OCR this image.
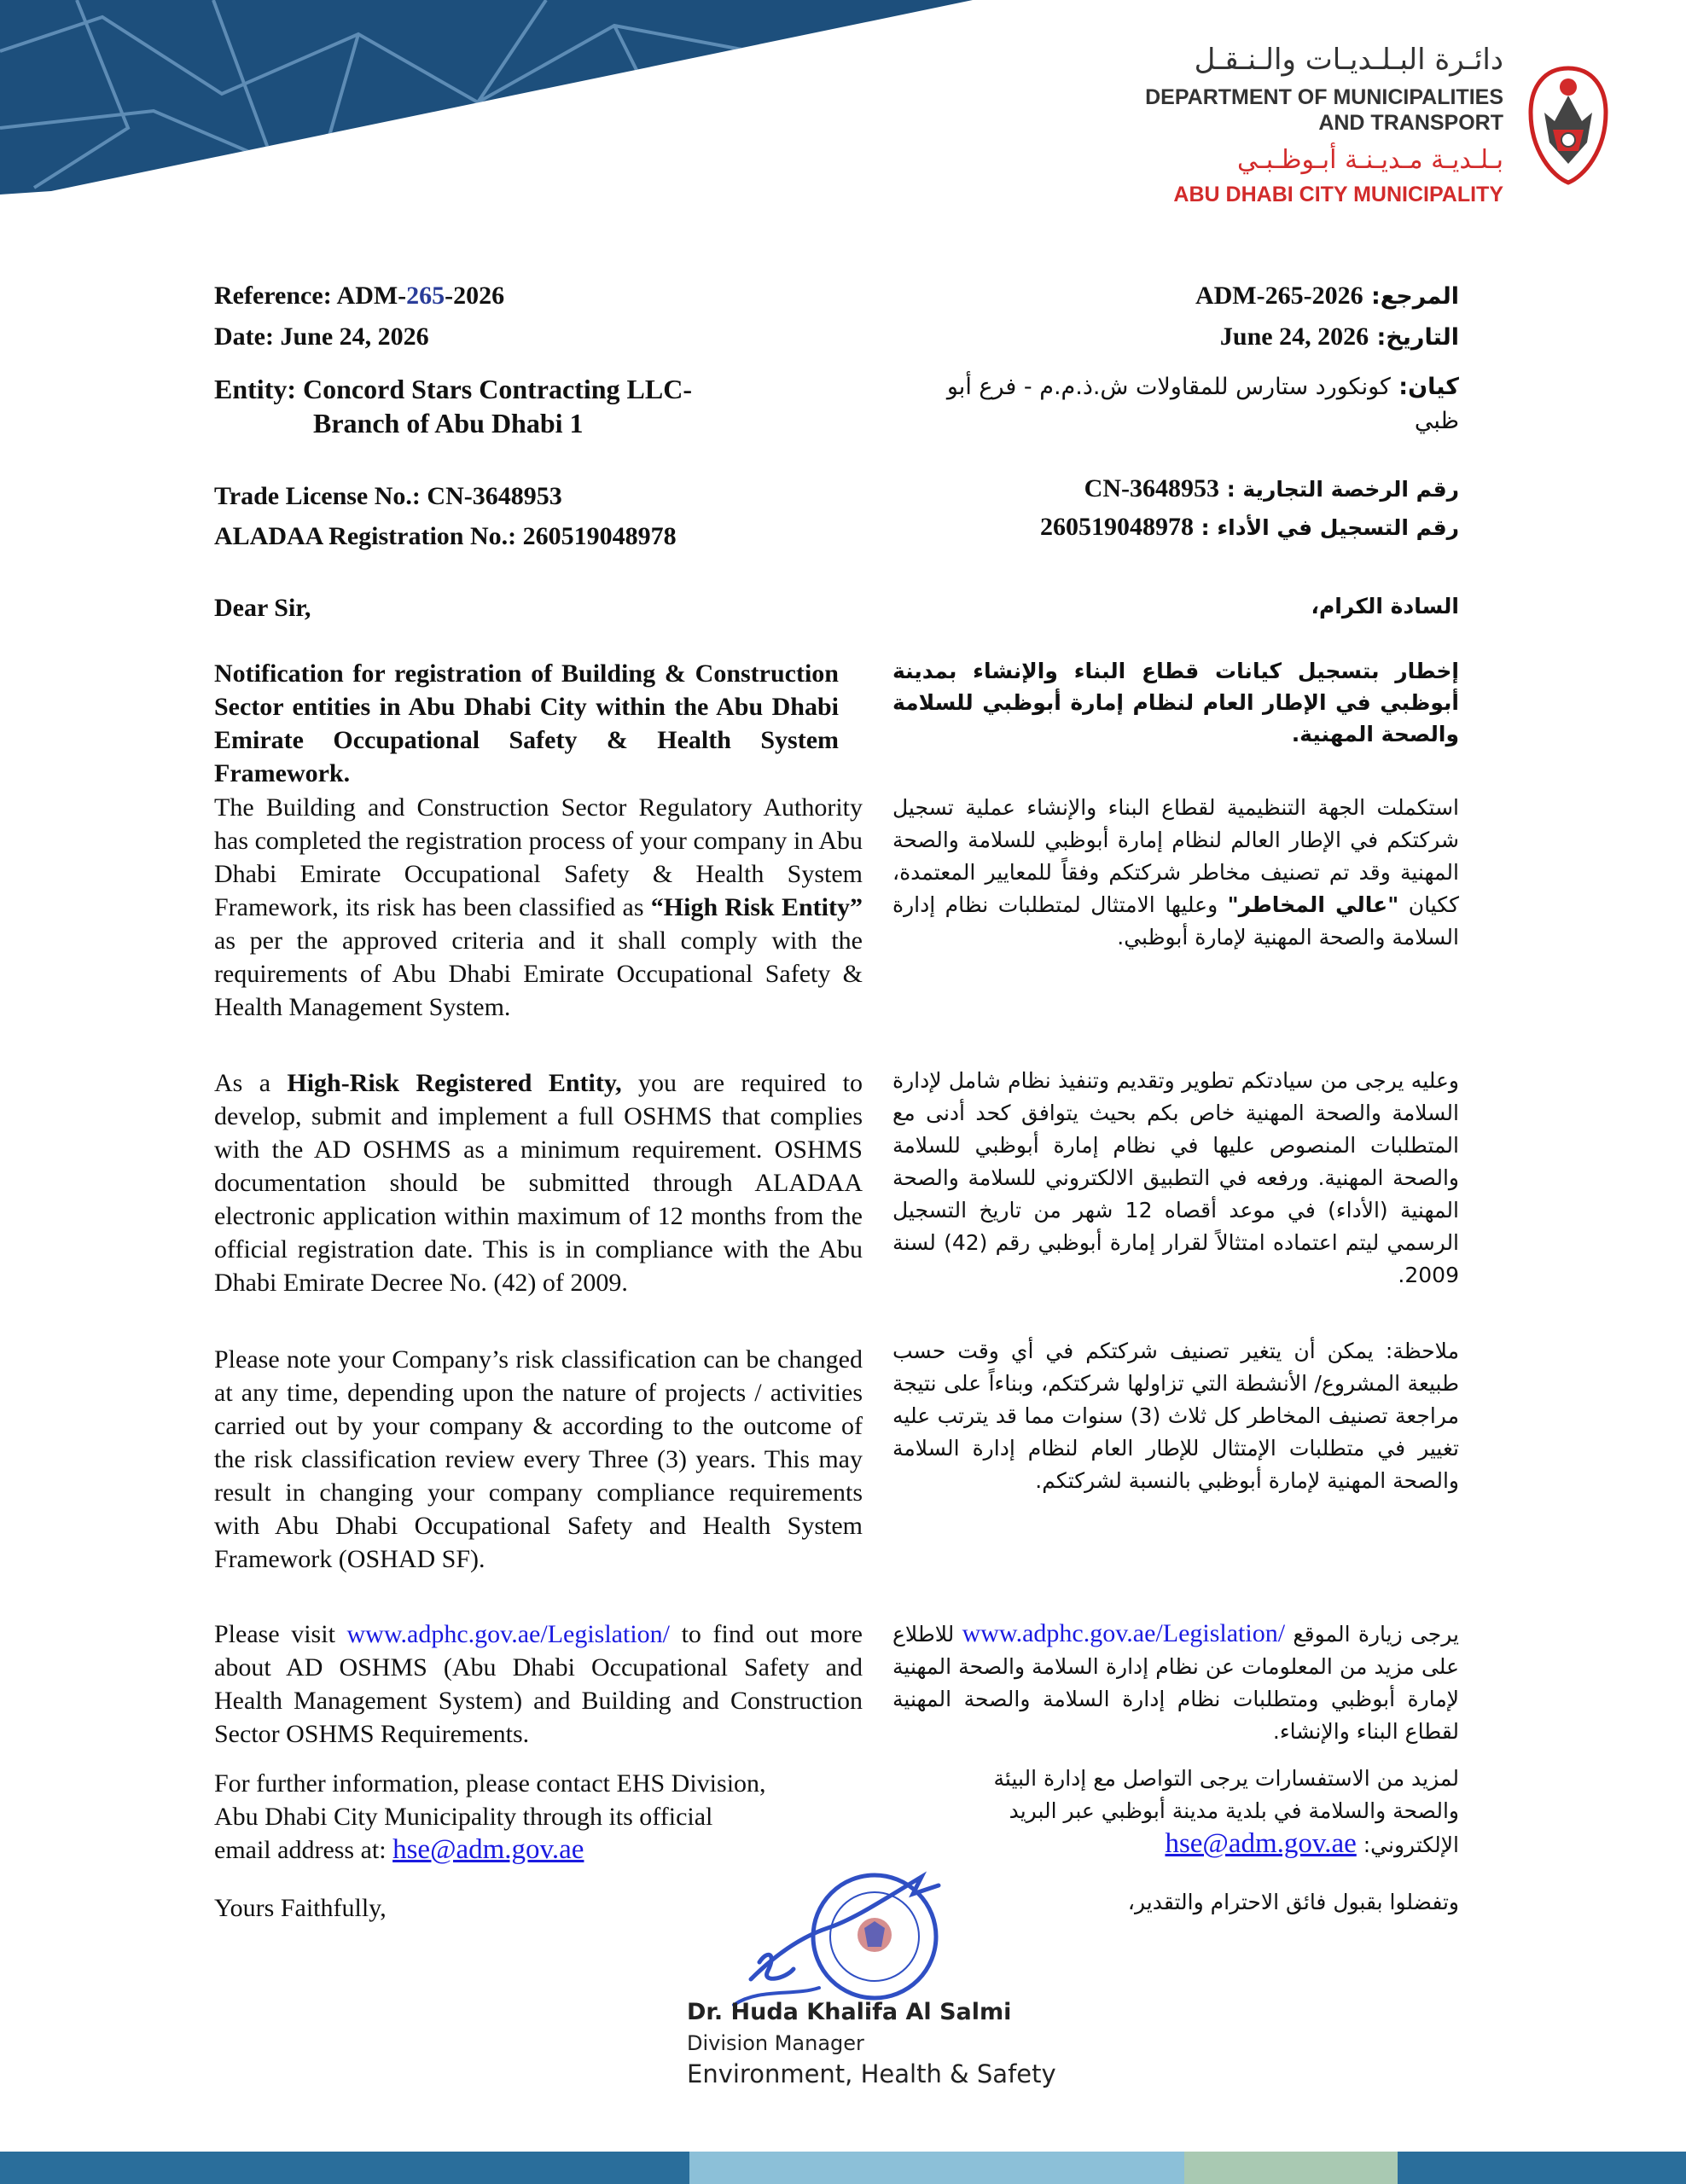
دائـرة البـلـديـات والـنـقـل
DEPARTMENT OF MUNICIPALITIES
AND TRANSPORT
بـلـديـة مـديـنـة أبـوظـبـي
ABU DHABI CITY MUNICIPALITY
Reference: ADM-265-2026
Date: June 24, 2026
Entity: Concord Stars Contracting LLC-
Branch of Abu Dhabi 1
Trade License No.: CN-3648953
ALADAA Registration No.: 260519048978
المرجع: ADM-265-2026
التاريخ: June 24, 2026
كيان: كونكورد ستارس للمقاولات ش.ذ.م.م - فرع أبو ظبي
رقم الرخصة التجارية : CN-3648953
رقم التسجيل في الأداء : 260519048978
Dear Sir,	السادة الكرام،

Notification for registration of Building & Construction Sector entities in Abu Dhabi City within the Abu Dhabi Emirate Occupational Safety & Health System Framework.

إخطار بتسجيل كيانات قطاع البناء والإنشاء بمدينة أبوظبي في الإطار العام لنظام إمارة أبوظبي للسلامة والصحة المهنية.

The Building and Construction Sector Regulatory Authority has completed the registration process of your company in Abu Dhabi Emirate Occupational Safety & Health System Framework, its risk has been classified as “High Risk Entity” as per the approved criteria and it shall comply with the requirements of Abu Dhabi Emirate Occupational Safety & Health Management System.

استكملت الجهة التنظيمية لقطاع البناء والإنشاء عملية تسجيل شركتكم في الإطار العالم لنظام إمارة أبوظبي للسلامة والصحة المهنية وقد تم تصنيف مخاطر شركتكم وفقاً للمعايير المعتمدة، ككيان "عالي المخاطر" وعليها الامتثال لمتطلبات نظام إدارة السلامة والصحة المهنية لإمارة أبوظبي.

As a High-Risk Registered Entity, you are required to develop, submit and implement a full OSHMS that complies with the AD OSHMS as a minimum requirement. OSHMS documentation should be submitted through ALADAA electronic application within maximum of 12 months from the official registration date. This is in compliance with the Abu Dhabi Emirate Decree No. (42) of 2009.

وعليه يرجى من سيادتكم تطوير وتقديم وتنفيذ نظام شامل لإدارة السلامة والصحة المهنية خاص بكم بحيث يتوافق كحد أدنى مع المتطلبات المنصوص عليها في نظام إمارة أبوظبي للسلامة والصحة المهنية. ورفعه في التطبيق الالكتروني للسلامة والصحة المهنية (الأداء) في موعد أقصاه 12 شهر من تاريخ التسجيل الرسمي ليتم اعتماده امتثالاً لقرار إمارة أبوظبي رقم (42) لسنة 2009.

Please note your Company’s risk classification can be changed at any time, depending upon the nature of projects / activities carried out by your company & according to the outcome of the risk classification review every Three (3) years. This may result in changing your company compliance requirements with Abu Dhabi Occupational Safety and Health System Framework (OSHAD SF).

ملاحظة: يمكن أن يتغير تصنيف شركتكم في أي وقت حسب طبيعة المشروع/ الأنشطة التي تزاولها شركتكم، وبناءاً على نتيجة مراجعة تصنيف المخاطر كل ثلاث (3) سنوات مما قد يترتب عليه تغيير في متطلبات الإمتثال للإطار العام لنظام إدارة السلامة والصحة المهنية لإمارة أبوظبي بالنسبة لشركتكم.

Please visit www.adphc.gov.ae/Legislation/ to find out more about AD OSHMS (Abu Dhabi Occupational Safety and Health Management System) and Building and Construction Sector OSHMS Requirements.

يرجى زيارة الموقع www.adphc.gov.ae/Legislation/ للاطلاع على مزيد من المعلومات عن نظام إدارة السلامة والصحة المهنية لإمارة أبوظبي ومتطلبات نظام إدارة السلامة والصحة المهنية لقطاع البناء والإنشاء.

For further information, please contact EHS Division,
Abu Dhabi City Municipality through its official
email address at: hse@adm.gov.ae
لمزيد من الاستفسارات يرجى التواصل مع إدارة البيئة
والصحة والسلامة في بلدية مدينة أبوظبي عبر البريد
الإلكتروني: hse@adm.gov.ae
Yours Faithfully,	وتفضلوا بقبول فائق الاحترام والتقدير،
Dr. Huda Khalifa Al Salmi
Division Manager
Environment, Health & Safety
